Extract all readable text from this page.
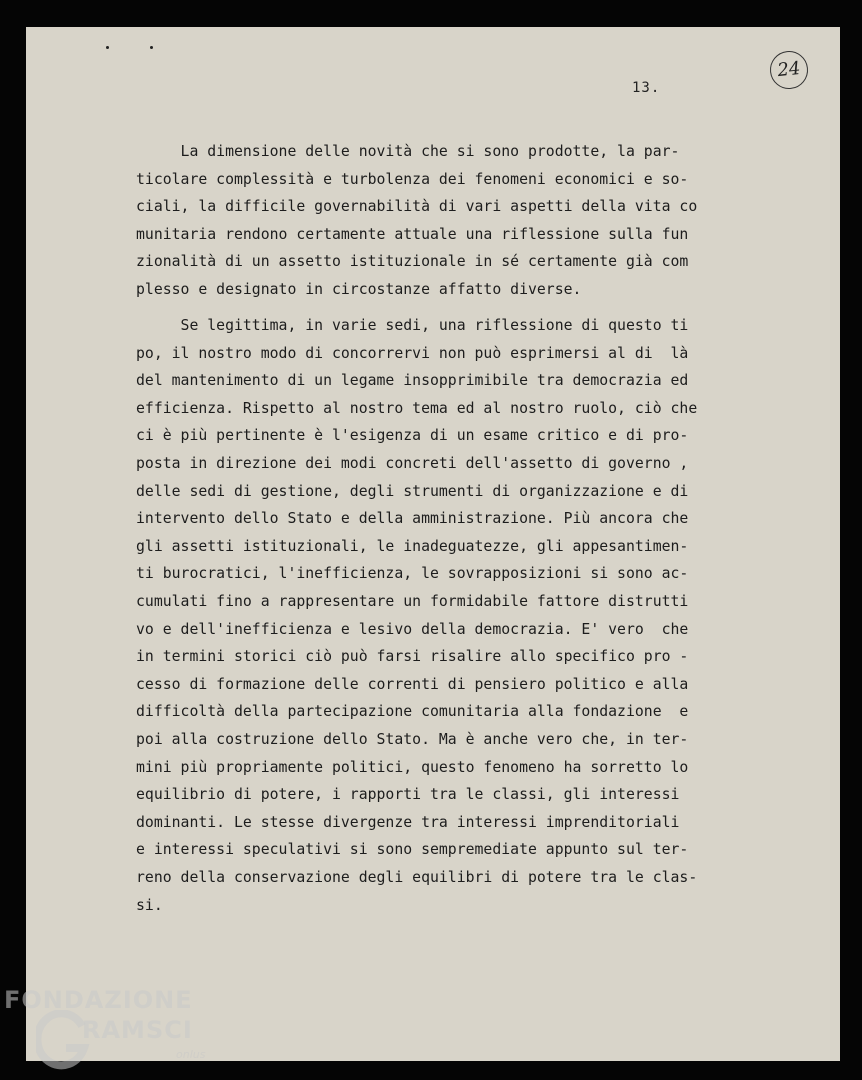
13.
24
La dimensione delle novità che si sono prodotte, la par-
ticolare complessità e turbolenza dei fenomeni economici e so-
ciali, la difficile governabilità di vari aspetti della vita co
munitaria rendono certamente attuale una riflessione sulla fun
zionalità di un assetto istituzionale in sé certamente già com
plesso e designato in circostanze affatto diverse.
Se legittima, in varie sedi, una riflessione di questo ti
po, il nostro modo di concorrervi non può esprimersi al di  là
del mantenimento di un legame insopprimibile tra democrazia ed
efficienza. Rispetto al nostro tema ed al nostro ruolo, ciò che
ci è più pertinente è l'esigenza di un esame critico e di pro-
posta in direzione dei modi concreti dell'assetto di governo ,
delle sedi di gestione, degli strumenti di organizzazione e di
intervento dello Stato e della amministrazione. Più ancora che
gli assetti istituzionali, le inadeguatezze, gli appesantimen-
ti burocratici, l'inefficienza, le sovrapposizioni si sono ac-
cumulati fino a rappresentare un formidabile fattore distrutti
vo e dell'inefficienza e lesivo della democrazia. E' vero  che
in termini storici ciò può farsi risalire allo specifico pro -
cesso di formazione delle correnti di pensiero politico e alla
difficoltà della partecipazione comunitaria alla fondazione  e
poi alla costruzione dello Stato. Ma è anche vero che, in ter-
mini più propriamente politici, questo fenomeno ha sorretto lo
equilibrio di potere, i rapporti tra le classi, gli interessi
dominanti. Le stesse divergenze tra interessi imprenditoriali
e interessi speculativi si sono sempremediate appunto sul ter-
reno della conservazione degli equilibri di potere tra le clas-
si.
FONDAZIONE
RAMSCI
onlus
